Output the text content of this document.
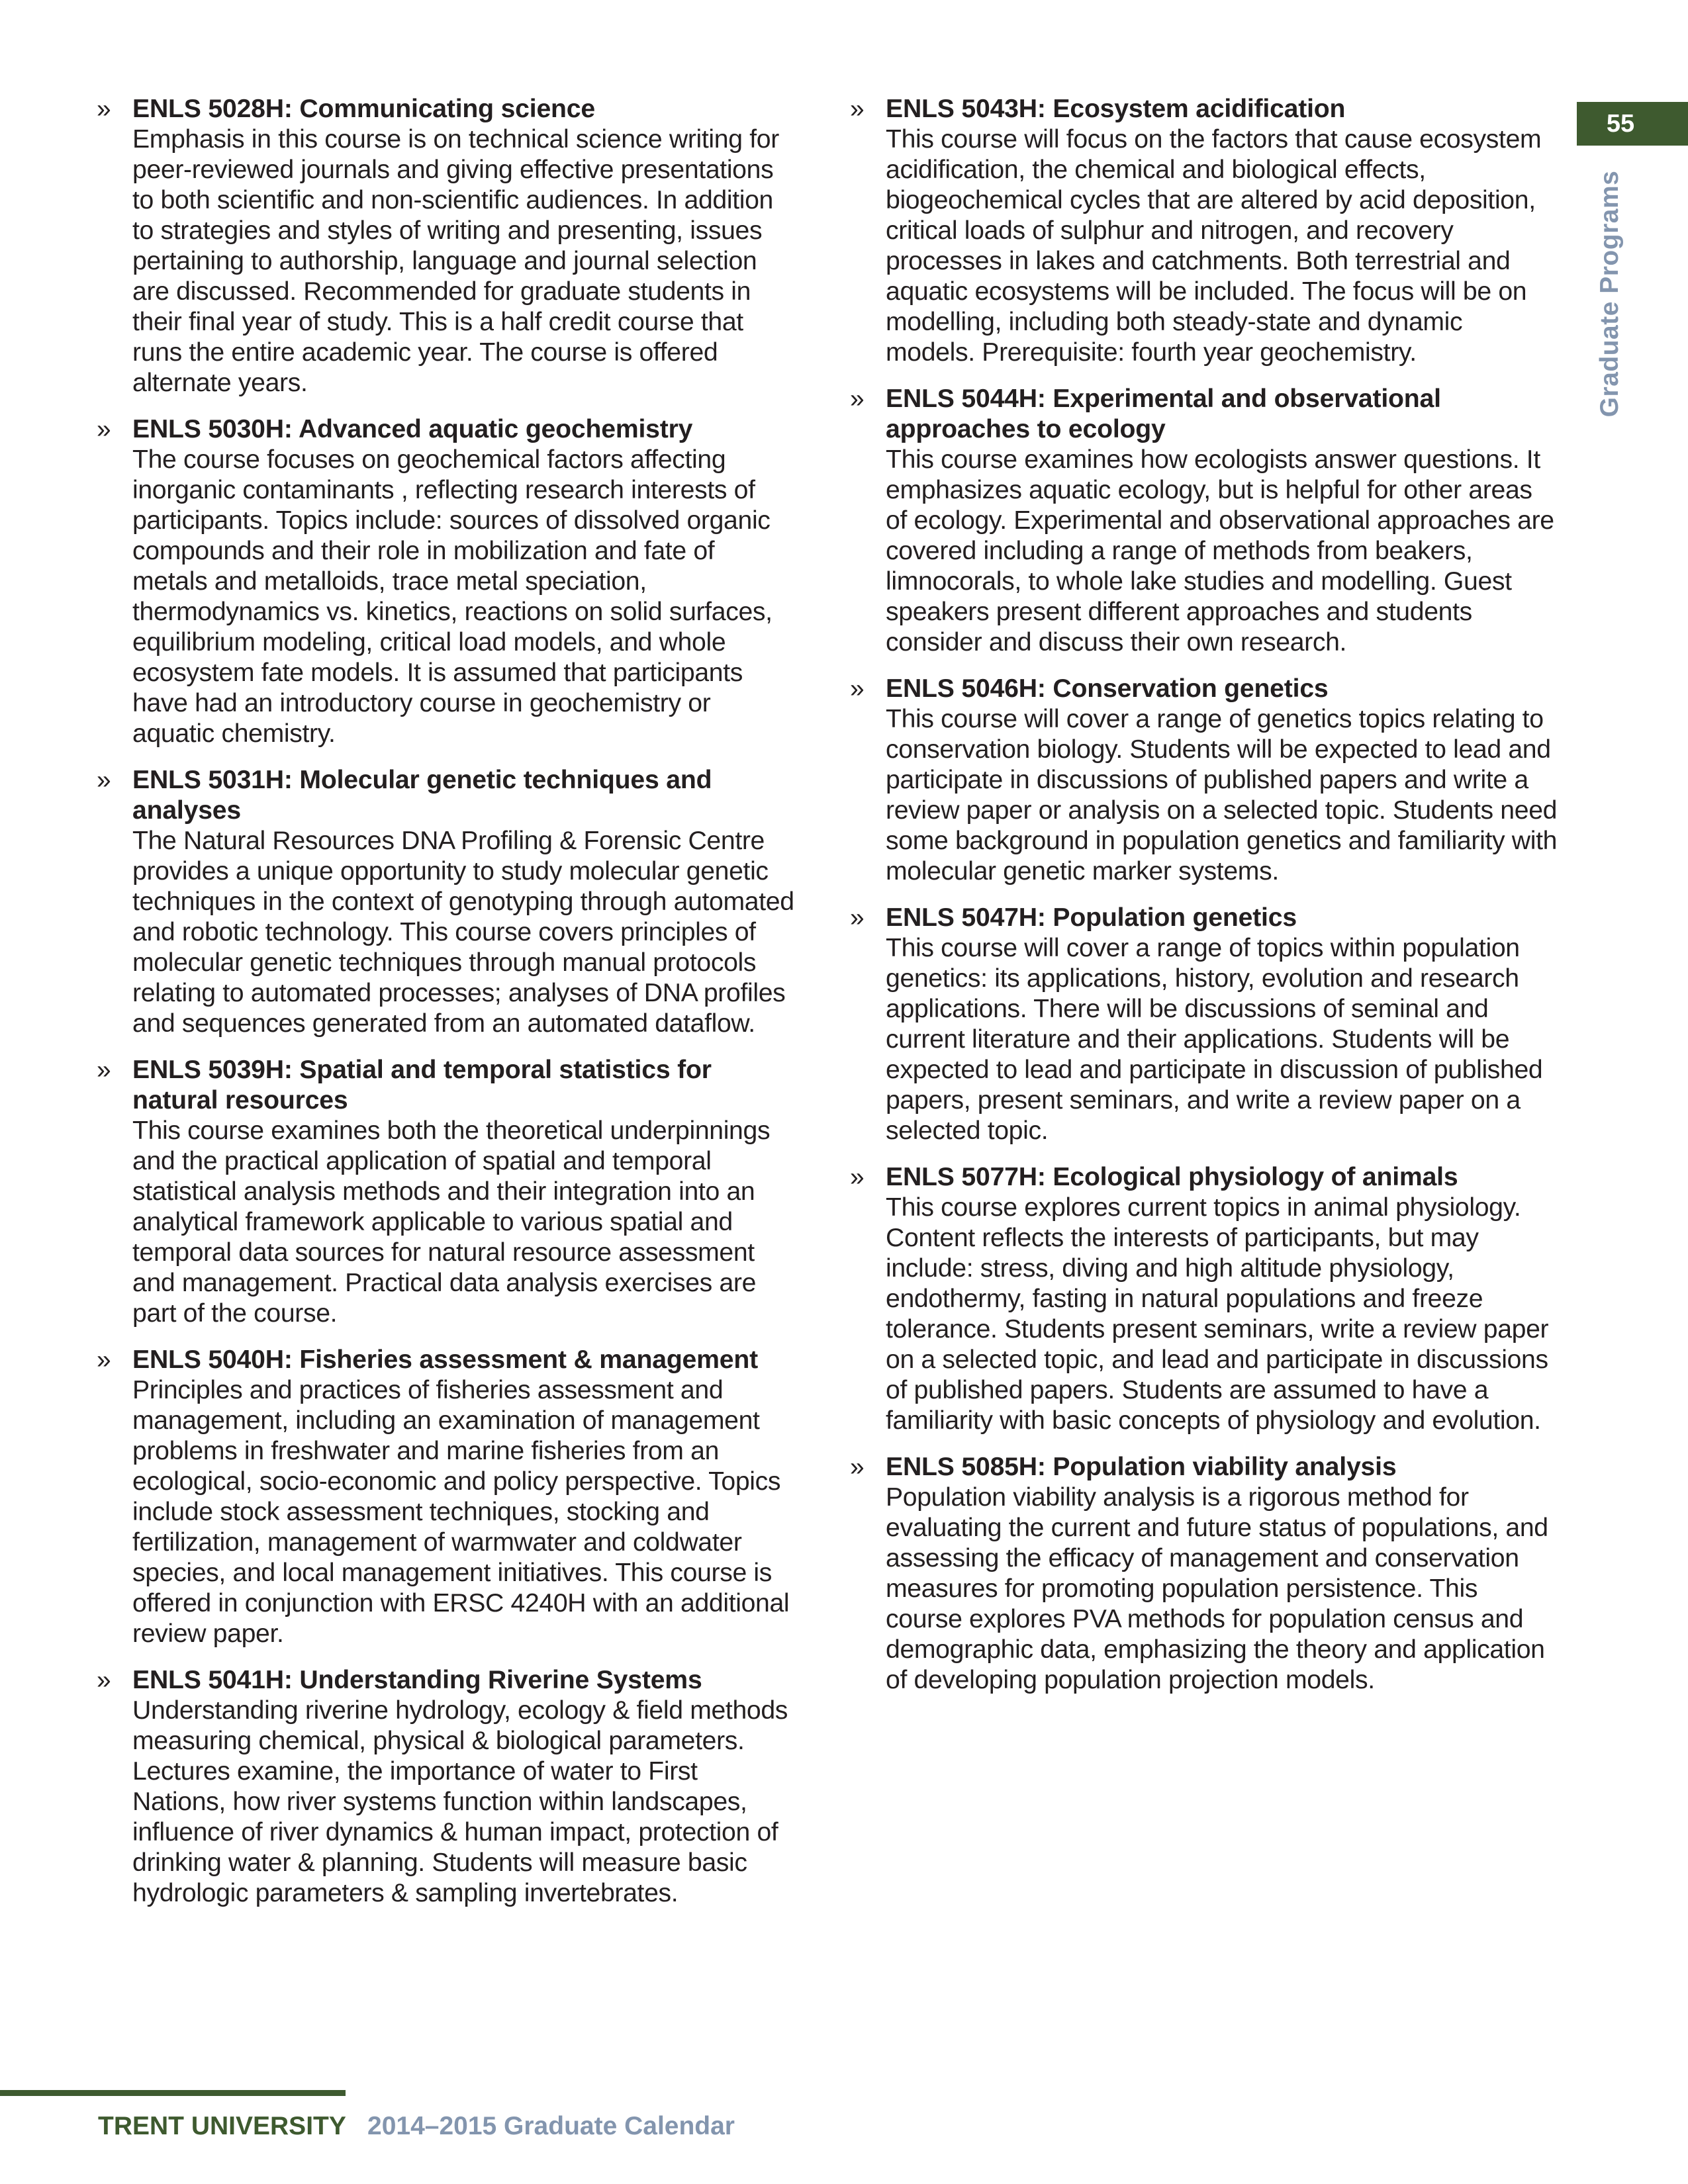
55
Graduate Programs
» ENLS 5028H: Communicating science
Emphasis in this course is on technical science writing for peer-reviewed journals and giving effective presentations to both scientific and non-scientific audiences. In addition to strategies and styles of writing and presenting, issues pertaining to authorship, language and journal selection are discussed. Recommended for graduate students in their final year of study. This is a half credit course that runs the entire academic year. The course is offered alternate years.
» ENLS 5030H: Advanced aquatic geochemistry
The course focuses on geochemical factors affecting inorganic contaminants , reflecting research interests of participants. Topics include: sources of dissolved organic compounds and their role in mobilization and fate of metals and metalloids, trace metal speciation, thermodynamics vs. kinetics, reactions on solid surfaces, equilibrium modeling, critical load models, and whole ecosystem fate models. It is assumed that participants have had an introductory course in geochemistry or aquatic chemistry.
» ENLS 5031H: Molecular genetic techniques and analyses
The Natural Resources DNA Profiling & Forensic Centre provides a unique opportunity to study molecular genetic techniques in the context of genotyping through automated and robotic technology. This course covers principles of molecular genetic techniques through manual protocols relating to automated processes; analyses of DNA profiles and sequences generated from an automated dataflow.
» ENLS 5039H: Spatial and temporal statistics for natural resources
This course examines both the theoretical underpinnings and the practical application of spatial and temporal statistical analysis methods and their integration into an analytical framework applicable to various spatial and temporal data sources for natural resource assessment and management. Practical data analysis exercises are part of the course.
» ENLS 5040H: Fisheries assessment & management
Principles and practices of fisheries assessment and management, including an examination of management problems in freshwater and marine fisheries from an ecological, socio-economic and policy perspective. Topics include stock assessment techniques, stocking and fertilization, management of warmwater and coldwater species, and local management initiatives. This course is offered in conjunction with ERSC 4240H with an additional review paper.
» ENLS 5041H: Understanding Riverine Systems
Understanding riverine hydrology, ecology & field methods measuring chemical, physical & biological parameters. Lectures examine, the importance of water to First Nations, how river systems function within landscapes, influence of river dynamics & human impact, protection of drinking water & planning. Students will measure basic hydrologic parameters & sampling invertebrates.
» ENLS 5043H: Ecosystem acidification
This course will focus on the factors that cause ecosystem acidification, the chemical and biological effects, biogeochemical cycles that are altered by acid deposition, critical loads of sulphur and nitrogen, and recovery processes in lakes and catchments. Both terrestrial and aquatic ecosystems will be included. The focus will be on modelling, including both steady-state and dynamic models. Prerequisite: fourth year geochemistry.
» ENLS 5044H: Experimental and observational approaches to ecology
This course examines how ecologists answer questions. It emphasizes aquatic ecology, but is helpful for other areas of ecology. Experimental and observational approaches are covered including a range of methods from beakers, limnocorals, to whole lake studies and modelling. Guest speakers present different approaches and students consider and discuss their own research.
» ENLS 5046H: Conservation genetics
This course will cover a range of genetics topics relating to conservation biology. Students will be expected to lead and participate in discussions of published papers and write a review paper or analysis on a selected topic. Students need some background in population genetics and familiarity with molecular genetic marker systems.
» ENLS 5047H: Population genetics
This course will cover a range of topics within population genetics: its applications, history, evolution and research applications. There will be discussions of seminal and current literature and their applications. Students will be expected to lead and participate in discussion of published papers, present seminars, and write a review paper on a selected topic.
» ENLS 5077H: Ecological physiology of animals
This course explores current topics in animal physiology. Content reflects the interests of participants, but may include: stress, diving and high altitude physiology, endothermy, fasting in natural populations and freeze tolerance. Students present seminars, write a review paper on a selected topic, and lead and participate in discussions of published papers. Students are assumed to have a familiarity with basic concepts of physiology and evolution.
» ENLS 5085H: Population viability analysis
Population viability analysis is a rigorous method for evaluating the current and future status of populations, and assessing the efficacy of management and conservation measures for promoting population persistence. This course explores PVA methods for population census and demographic data, emphasizing the theory and application of developing population projection models.
TRENT UNIVERSITY 2014–2015 Graduate Calendar
